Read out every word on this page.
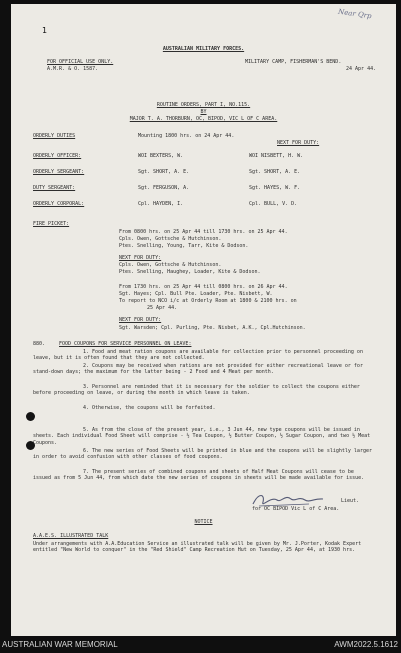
Near Qrp
1
AUSTRALIAN MILITARY FORCES.
FOR OFFICIAL USE ONLY.
A.M.R. & O. 1587.
MILITARY CAMP, FISHERMAN'S BEND.
24 Apr 44.
ROUTINE ORDERS, PART I, NO.115.
BY
MAJOR T. A. THORBURN, OC, BIPOD, VIC L OF C AREA.
ORDERLY DUTIES	Mounting 1800 hrs. on 24 Apr 44.
NEXT FOR DUTY:
ORDERLY OFFICER:	WOI BEXTERS, W.	WOI NISBETT, H. W.
ORDERLY SERGEANT:	Sgt. SHORT, A. E.	Sgt. SHORT, A. E.
DUTY SERGEANT:	Sgt. FERGUSON, A.	Sgt. HAYES, W. F.
ORDERLY CORPORAL:	Cpl. HAYDEN, I.	Cpl. BULL, V. D.
FIRE PICKET:
From 0800 hrs. on 25 Apr 44 till 1730 hrs. on 25 Apr 44.
Cpls. Owen, Gottsche & Hutchinson.
Ptes. Snelling, Young, Tarr, Kite & Dodson.
NEXT FOR DUTY:
Cpls. Owen, Gottsche & Hutchinson.
Ptes. Snelling, Haughey, Loader, Kite & Dodson.
From 1730 hrs. on 25 Apr 44 till 0800 hrs. on 26 Apr 44.
Sgt. Hayes; Cpl. Bull Pte. Loader, Pte. Nisbett, W.
To report to NCO i/c at Orderly Room at 1800 & 2100 hrs. on
25 Apr 44.
NEXT FOR DUTY:
Sgt. Warsden; Cpl. Purling, Pte. Nisbet, A.K., Cpl.Hutchinson.
880.	FOOD COUPONS FOR SERVICE PERSONNEL ON LEAVE:
1. Food and meat ration coupons are available for collection prior to personnel proceeding on leave, but it is often found that they are not collected.
2. Coupons may be received when rations are not provided for either recreational leave or for stand-down days; the maximum for the latter being - 2 Food and 4 Meat per month.
3. Personnel are reminded that it is necessary for the soldier to collect the coupons either before proceeding on leave, or during the month in which leave is taken.
4. Otherwise, the coupons will be forfeited.
5. As from the close of the present year, i.e., 3 Jun 44, new type coupons will be issued in sheets. Each individual Food Sheet will comprise - ½ Tea Coupon, ½ Butter Coupon, ½ Sugar Coupon, and two ½ Meat Coupons.
6. The new series of Food Sheets will be printed in blue and the coupons will be slightly larger in order to avoid confusion with other classes of food coupons.
7. The present series of combined coupons and sheets of Half Meat Coupons will cease to be issued as from 5 Jun 44, from which date the new series of coupons in sheets will be made available for issue.
Lieut.
for OC BIPOD Vic L of C Area.
NOTICE
A.A.E.S. ILLUSTRATED TALK
Under arrangements with A.A.Education Service an illustrated talk will be given by Mr. J.Porter, Kodak Expert entitled "New World to conquer" in the "Red Shield" Camp Recreation Hut on Tuesday, 25 Apr 44, at 1930 hrs.
AUSTRALIAN WAR MEMORIAL	AWM2022.5.1612
